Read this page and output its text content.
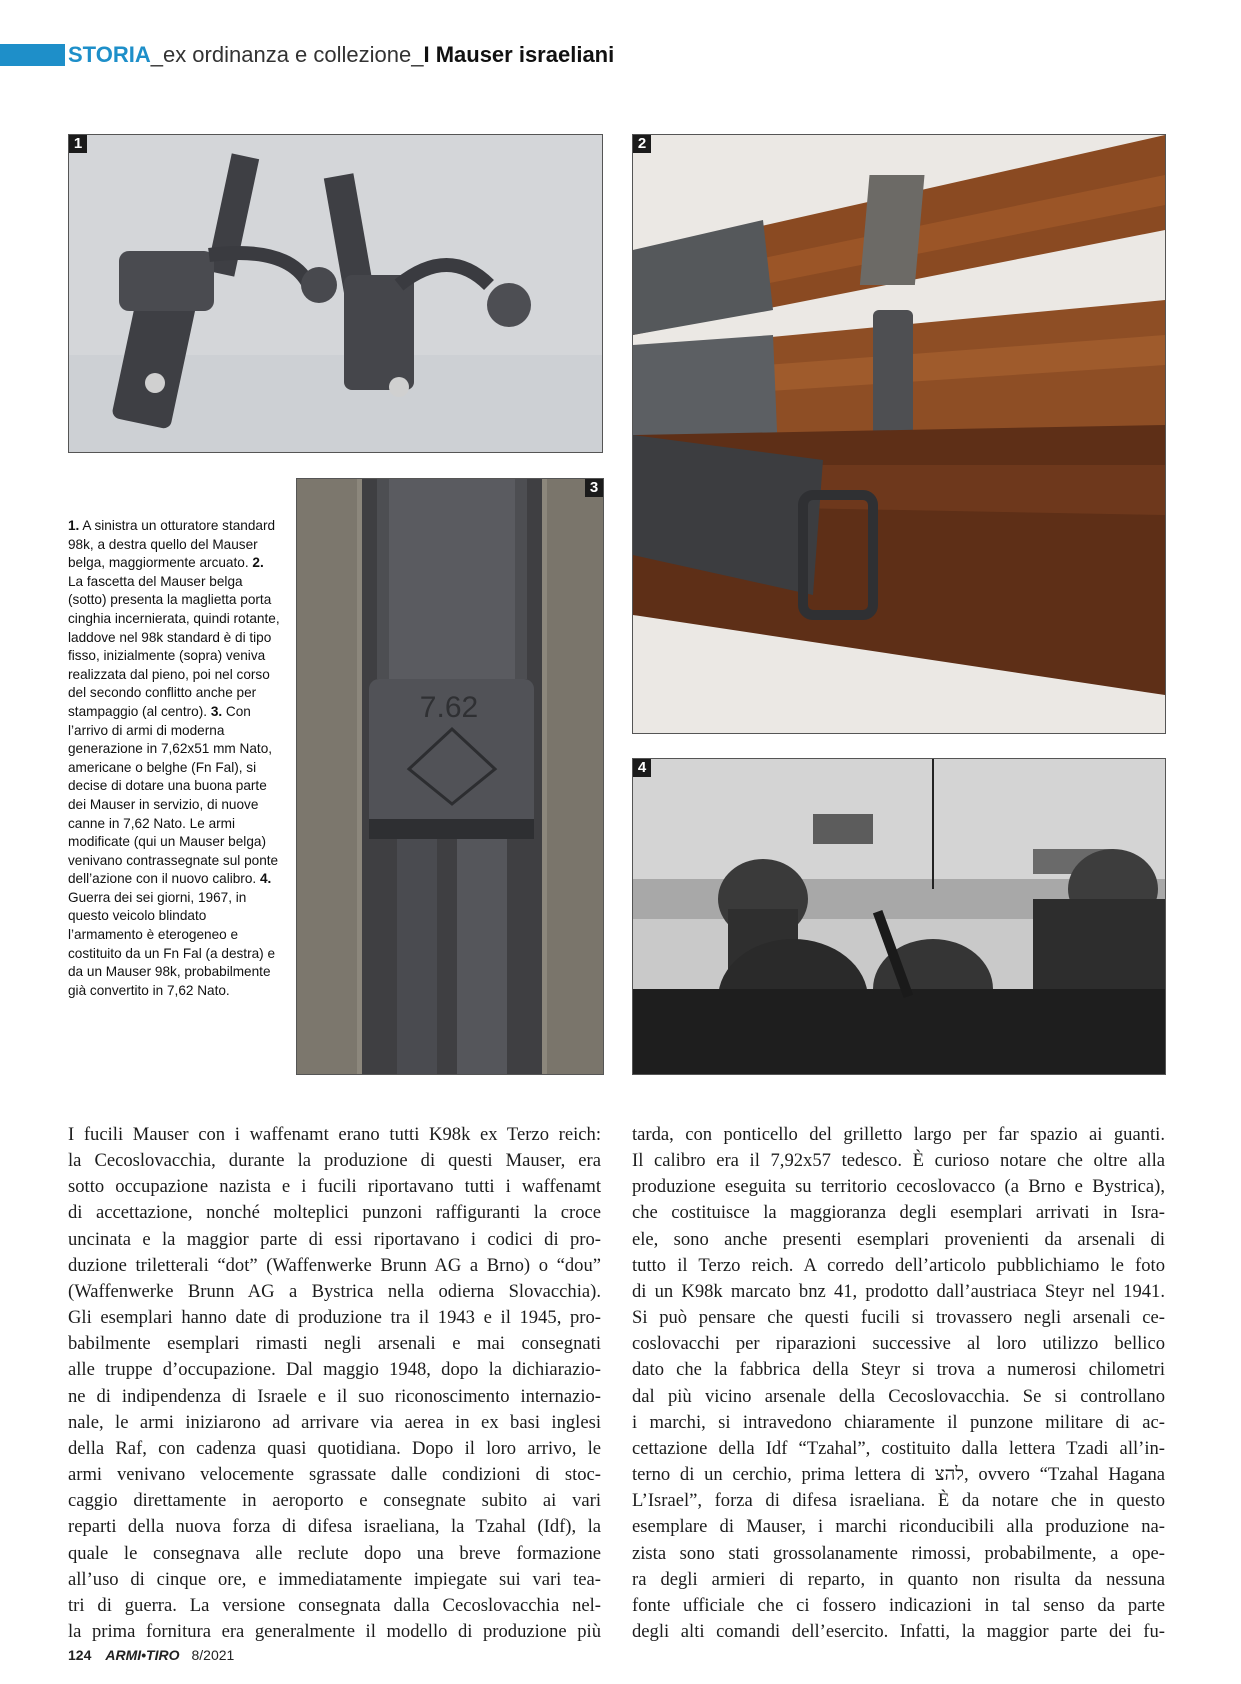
STORIA_ex ordinanza e collezione_I Mauser israeliani
1	2
7.62
3
4
1. A sinistra un otturatore standard 98k, a destra quello del Mauser belga, maggiormente arcuato. 2. La fascetta del Mauser belga (sotto) presenta la maglietta porta cinghia incernierata, quindi rotante, laddove nel 98k standard è di tipo fisso, inizialmente (sopra) veniva realizzata dal pieno, poi nel corso del secondo conflitto anche per stampaggio (al centro). 3. Con l’arrivo di armi di moderna generazione in 7,62x51 mm Nato, americane o belghe (Fn Fal), si decise di dotare una buona parte dei Mauser in servizio, di nuove canne in 7,62 Nato. Le armi modificate (qui un Mauser belga) venivano contrassegnate sul ponte dell’azione con il nuovo calibro. 4. Guerra dei sei giorni, 1967, in questo veicolo blindato l’armamento è eterogeneo e costituito da un Fn Fal (a destra) e da un Mauser 98k, probabilmente già convertito in 7,62 Nato.
I fucili Mauser con i waffenamt erano tutti K98k ex Terzo reich:
la Cecoslovacchia, durante la produzione di questi Mauser, era
sotto occupazione nazista e i fucili riportavano tutti i waffenamt
di accettazione, nonché molteplici punzoni raffiguranti la croce
uncinata e la maggior parte di essi riportavano i codici di pro-
duzione triletterali “dot” (Waffenwerke Brunn AG a Brno) o “dou”
(Waffenwerke Brunn AG a Bystrica nella odierna Slovacchia).
Gli esemplari hanno date di produzione tra il 1943 e il 1945, pro-
babilmente esemplari rimasti negli arsenali e mai consegnati
alle truppe d’occupazione. Dal maggio 1948, dopo la dichiarazio-
ne di indipendenza di Israele e il suo riconoscimento internazio-
nale, le armi iniziarono ad arrivare via aerea in ex basi inglesi
della Raf, con cadenza quasi quotidiana. Dopo il loro arrivo, le
armi venivano velocemente sgrassate dalle condizioni di stoc-
caggio direttamente in aeroporto e consegnate subito ai vari
reparti della nuova forza di difesa israeliana, la Tzahal (Idf), la
quale le consegnava alle reclute dopo una breve formazione
all’uso di cinque ore, e immediatamente impiegate sui vari tea-
tri di guerra. La versione consegnata dalla Cecoslovacchia nel-
la prima fornitura era generalmente il modello di produzione più
tarda, con ponticello del grilletto largo per far spazio ai guanti.
Il calibro era il 7,92x57 tedesco. È curioso notare che oltre alla
produzione eseguita su territorio cecoslovacco (a Brno e Bystrica),
che costituisce la maggioranza degli esemplari arrivati in Isra-
ele, sono anche presenti esemplari provenienti da arsenali di
tutto il Terzo reich. A corredo dell’articolo pubblichiamo le foto
di un K98k marcato bnz 41, prodotto dall’austriaca Steyr nel 1941.
Si può pensare che questi fucili si trovassero negli arsenali ce-
coslovacchi per riparazioni successive al loro utilizzo bellico
dato che la fabbrica della Steyr si trova a numerosi chilometri
dal più vicino arsenale della Cecoslovacchia. Se si controllano
i marchi, si intravedono chiaramente il punzone militare di ac-
cettazione della Idf “Tzahal”, costituito dalla lettera Tzadi all’in-
terno di un cerchio, prima lettera di להצ, ovvero “Tzahal Hagana
L’Israel”, forza di difesa israeliana. È da notare che in questo
esemplare di Mauser, i marchi riconducibili alla produzione na-
zista sono stati grossolanamente rimossi, probabilmente, a ope-
ra degli armieri di reparto, in quanto non risulta da nessuna
fonte ufficiale che ci fossero indicazioni in tal senso da parte
degli alti comandi dell’esercito. Infatti, la maggior parte dei fu-
124 ARMI•TIRO 8/2021
